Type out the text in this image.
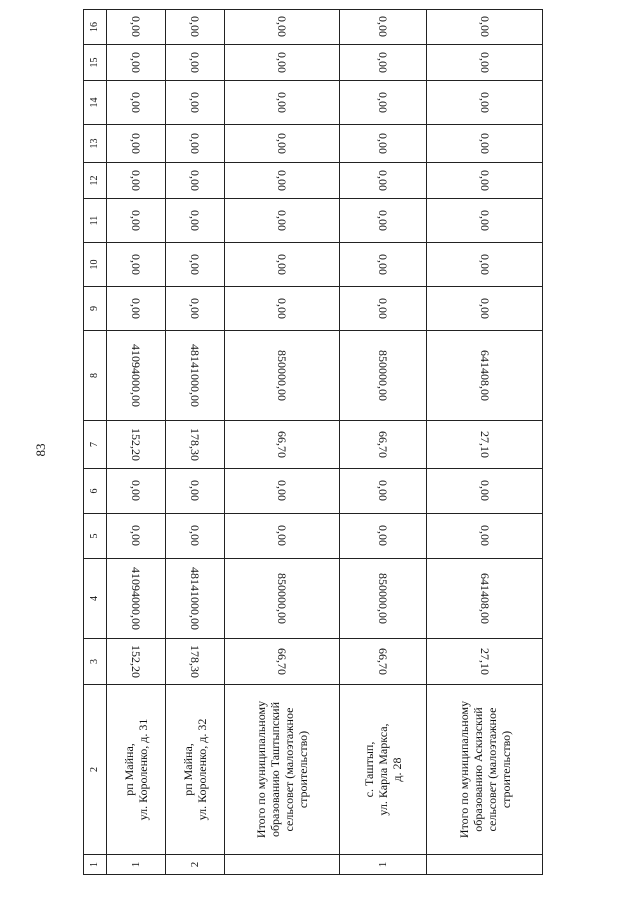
83
1	2	3	4	5	6	7	8	9	10	11	12	13	14	15	16
1	рп Майна, ул. Короленко, д. 31	152,20	41094000,00	0,00	0,00	152,20	41094000,00	0,00	0,00	0,00	0,00	0,00	0,00	0,00	0,00
2	рп Майна, ул. Короленко, д. 32	178,30	48141000,00	0,00	0,00	178,30	48141000,00	0,00	0,00	0,00	0,00	0,00	0,00	0,00	0,00

	Итого по муниципальному образованию Таштыпский сельсовет (малоэтажное строительство)	66,70	850000,00	0,00	0,00	66,70	850000,00	0,00	0,00	0,00	0,00	0,00	0,00	0,00	0,00
1	с. Таштып, ул. Карла Маркса, д. 28	66,70	850000,00	0,00	0,00	66,70	850000,00	0,00	0,00	0,00	0,00	0,00	0,00	0,00	0,00

	Итого по муниципальному образованию Аскизский сельсовет (малоэтажное строительство)	27,10	641408,00	0,00	0,00	27,10	641408,00	0,00	0,00	0,00	0,00	0,00	0,00	0,00	0,00
